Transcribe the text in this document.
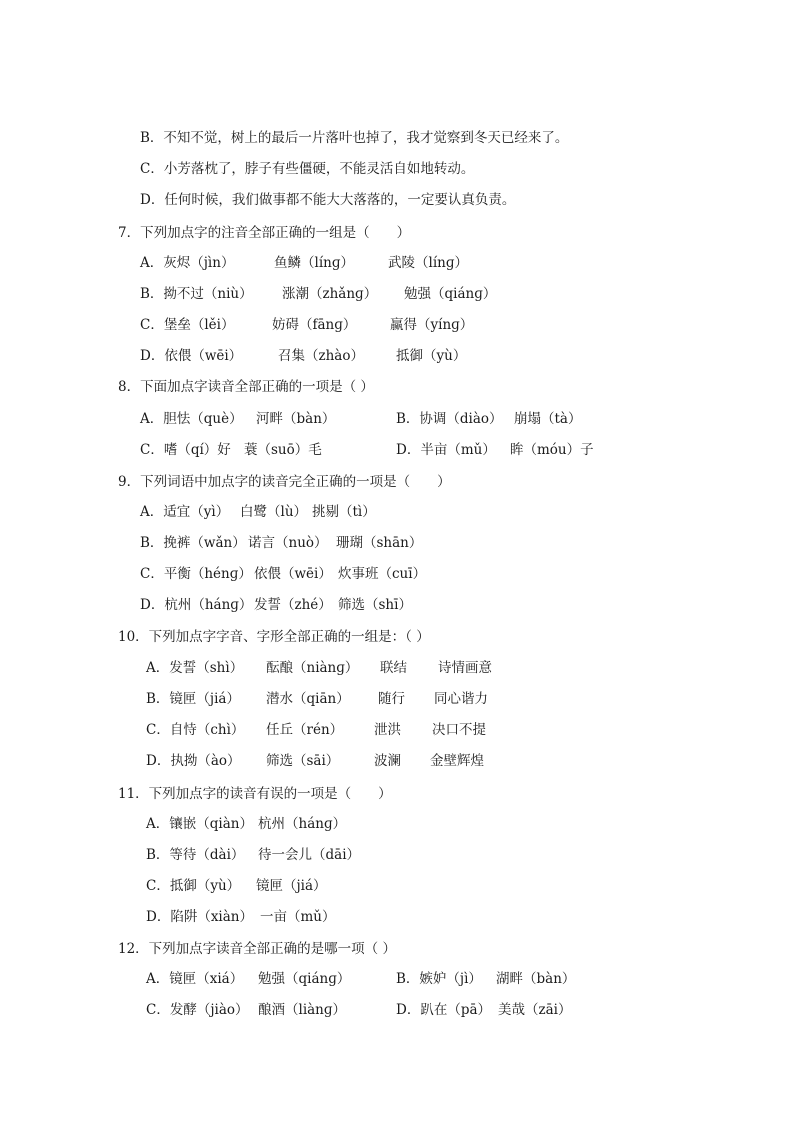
B．不知不觉，树上的最后一片落叶也掉了，我才觉察到冬天已经来了。
C．小芳落枕了，脖子有些僵硬，不能灵活自如地转动。
D．任何时候，我们做事都不能大大落落的，一定要认真负责。
7．下列加点字的注音全部正确的一组是（　　）
A．灰烬（jìn）	鱼鳞（línɡ）	武陵（línɡ）
B．拗不过（niù） 涨潮（zhǎnɡ） 勉强（qiánɡ）
C．堡垒（lěi）	妨碍（fānɡ） 赢得（yínɡ）
D．依偎（wēi）	召集（zhào） 抵御（yù）
8．下面加点字读音全部正确的一项是（ ）
A．胆怯（què） 河畔（bàn）	B．协调（diào） 崩塌（tà）
C．嗜（qí）好 蓑（suō）毛	D．半亩（mǔ） 眸（móu）子
9．下列词语中加点字的读音完全正确的一项是（　　）
A．适宜（yì） 白鹭（lù） 挑剔（tì）
B．挽裤（wǎn） 诺言（nuò） 珊瑚（shān）
C．平衡（hénɡ） 依偎（wēi） 炊事班（cuī）
D．杭州（hánɡ） 发誓（zhé） 筛选（shī）
10．下列加点字字音、字形全部正确的一组是：（ ）
A．发誓（shì） 酝酿（niànɡ） 联结 诗情画意
B．镜匣（jiá） 潜水（qiān） 随行 同心谐力
C．自恃（chì） 任丘（rén） 泄洪 决口不提
D．执拗（ào） 筛选（sāi）	波澜 金壁辉煌
11．下列加点字的读音有误的一项是（　　）
A．镶嵌（qiàn） 杭州（hánɡ）
B．等待（dài） 待一会儿（dāi）
C．抵御（yù） 镜匣（jiá）
D．陷阱（xiàn） 一亩（mǔ）
12．下列加点字读音全部正确的是哪一项（ ）
A．镜匣（xiá） 勉强（qiánɡ）	B．嫉妒（jì） 湖畔（bàn）
C．发酵（jiào） 酿酒（liànɡ）	D．趴在（pā） 美哉（zāi）
